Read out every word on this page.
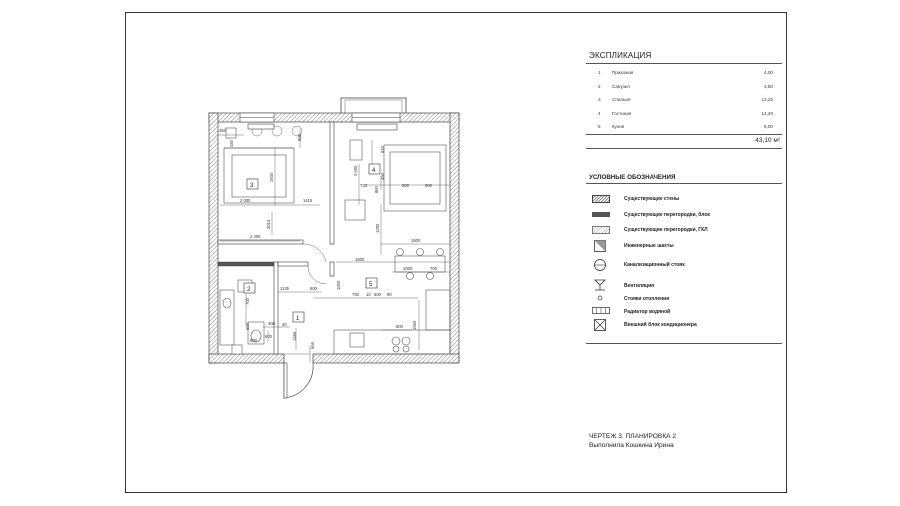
450
900
450
1600
2 000	1415
3010
2 405
810
2 000
733
860
500	860
450
1290
1600
1600
1000	700
1135	600	1000
700 10 600 90
600
700
1650
600	400
600
40
1465
665
600
3
4
2
1
5
ЭКСПЛИКАЦИЯ
1 Прихожая	4,00
2 Санузел	3,50
3 Спальня	13,20
4 Гостиная	14,40
5 Кухня	8,00
43,10 м²
УСЛОВНЫЕ ОБОЗНАЧЕНИЯ
Существующие стены
Существующие перегородки, блок
Существующие перегородки, ГКЛ
Инженерные шахты
Канализационный стояк
Вентиляция
Стояки отопления
Радиатор водяной
Внешний блок кондиционера
ЧЕРТЕЖ 3. ПЛАНИРОВКА 2
Выполнила Кошкина Ирина
